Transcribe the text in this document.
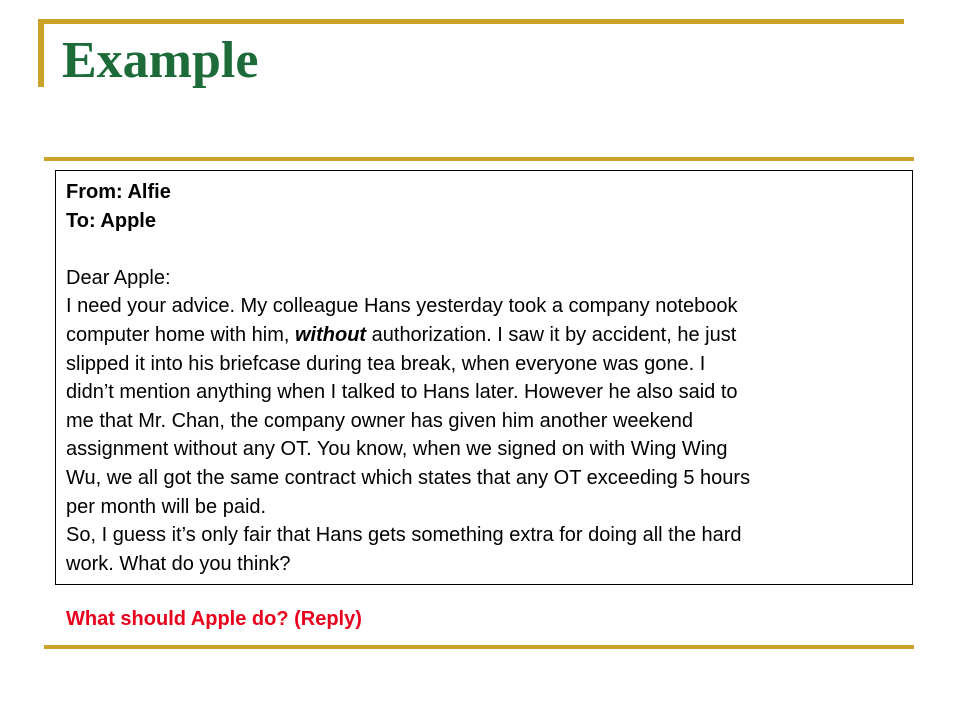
Example
From: Alfie
To: Apple
Dear Apple:
I need your advice. My colleague Hans yesterday took a company notebook
computer home with him, without authorization. I saw it by accident, he just
slipped it into his briefcase during tea break, when everyone was gone. I
didn’t mention anything when I talked to Hans later. However he also said to
me that Mr. Chan, the company owner has given him another weekend
assignment without any OT. You know, when we signed on with Wing Wing
Wu, we all got the same contract which states that any OT exceeding 5 hours
per month will be paid.
So, I guess it’s only fair that Hans gets something extra for doing all the hard
work. What do you think?
What should Apple do? (Reply)
